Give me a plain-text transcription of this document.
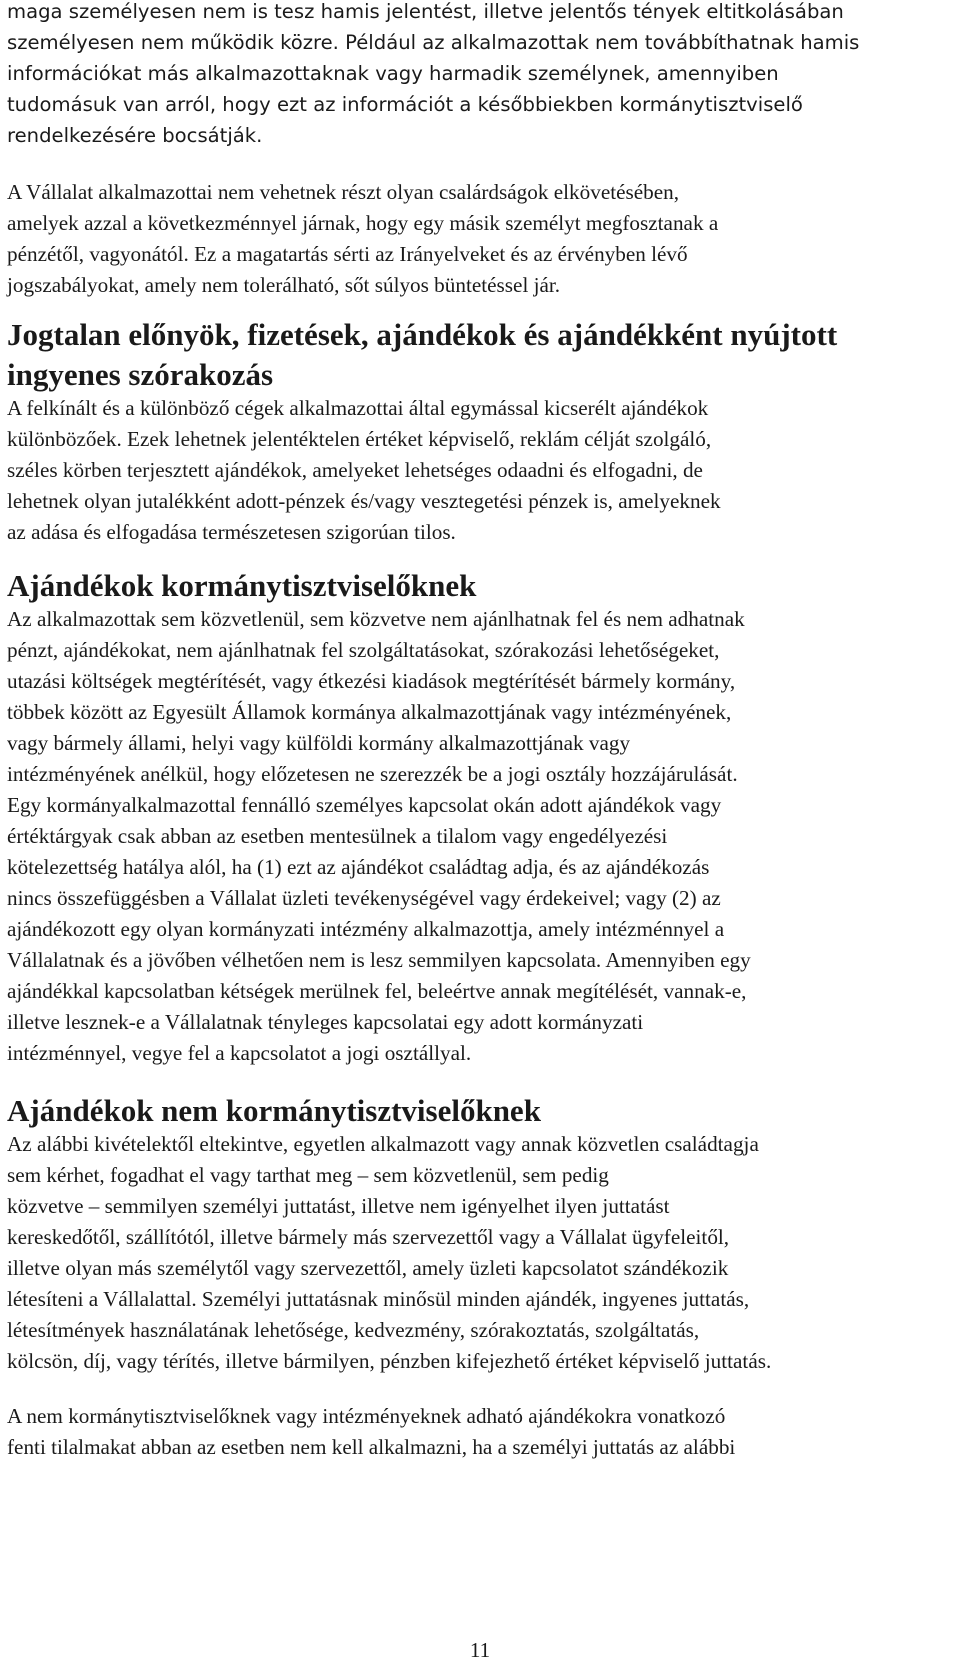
maga személyesen nem is tesz hamis jelentést, illetve jelentős tények eltitkolásában
személyesen nem működik közre. Például az alkalmazottak nem továbbíthatnak hamis
információkat más alkalmazottaknak vagy harmadik személynek, amennyiben
tudomásuk van arról, hogy ezt az információt a későbbiekben kormánytisztviselő
rendelkezésére bocsátják.

A Vállalat alkalmazottai nem vehetnek részt olyan csalárdságok elkövetésében,
amelyek azzal a következménnyel járnak, hogy egy másik személyt megfosztanak a
pénzétől, vagyonától. Ez a magatartás sérti az Irányelveket és az érvényben lévő
jogszabályokat, amely nem tolerálható, sőt súlyos büntetéssel jár.

Jogtalan előnyök, fizetések, ajándékok és ajándékként nyújtott
ingyenes szórakozás

A felkínált és a különböző cégek alkalmazottai által egymással kicserélt ajándékok
különbözőek. Ezek lehetnek jelentéktelen értéket képviselő, reklám célját szolgáló,
széles körben terjesztett ajándékok, amelyeket lehetséges odaadni és elfogadni, de
lehetnek olyan jutalékként adott-pénzek és/vagy vesztegetési pénzek is, amelyeknek
az adása és elfogadása természetesen szigorúan tilos.

Ajándékok kormánytisztviselőknek

Az alkalmazottak sem közvetlenül, sem közvetve nem ajánlhatnak fel és nem adhatnak
pénzt, ajándékokat, nem ajánlhatnak fel szolgáltatásokat, szórakozási lehetőségeket,
utazási költségek megtérítését, vagy étkezési kiadások megtérítését bármely kormány,
többek között az Egyesült Államok kormánya alkalmazottjának vagy intézményének,
vagy bármely állami, helyi vagy külföldi kormány alkalmazottjának vagy
intézményének anélkül, hogy előzetesen ne szerezzék be a jogi osztály hozzájárulását.
Egy kormányalkalmazottal fennálló személyes kapcsolat okán adott ajándékok vagy
értéktárgyak csak abban az esetben mentesülnek a tilalom vagy engedélyezési
kötelezettség hatálya alól, ha (1) ezt az ajándékot családtag adja, és az ajándékozás
nincs összefüggésben a Vállalat üzleti tevékenységével vagy érdekeivel; vagy (2) az
ajándékozott egy olyan kormányzati intézmény alkalmazottja, amely intézménnyel a
Vállalatnak és a jövőben vélhetően nem is lesz semmilyen kapcsolata. Amennyiben egy
ajándékkal kapcsolatban kétségek merülnek fel, beleértve annak megítélését, vannak-e,
illetve lesznek-e a Vállalatnak tényleges kapcsolatai egy adott kormányzati
intézménnyel, vegye fel a kapcsolatot a jogi osztállyal.

Ajándékok nem kormánytisztviselőknek

Az alábbi kivételektől eltekintve, egyetlen alkalmazott vagy annak közvetlen családtagja
sem kérhet, fogadhat el vagy tarthat meg – sem közvetlenül, sem pedig
közvetve – semmilyen személyi juttatást, illetve nem igényelhet ilyen juttatást
kereskedőtől, szállítótól, illetve bármely más szervezettől vagy a Vállalat ügyfeleitől,
illetve olyan más személytől vagy szervezettől, amely üzleti kapcsolatot szándékozik
létesíteni a Vállalattal. Személyi juttatásnak minősül minden ajándék, ingyenes juttatás,
létesítmények használatának lehetősége, kedvezmény, szórakoztatás, szolgáltatás,
kölcsön, díj, vagy térítés, illetve bármilyen, pénzben kifejezhető értéket képviselő juttatás.

A nem kormánytisztviselőknek vagy intézményeknek adható ajándékokra vonatkozó
fenti tilalmakat abban az esetben nem kell alkalmazni, ha a személyi juttatás az alábbi

11
